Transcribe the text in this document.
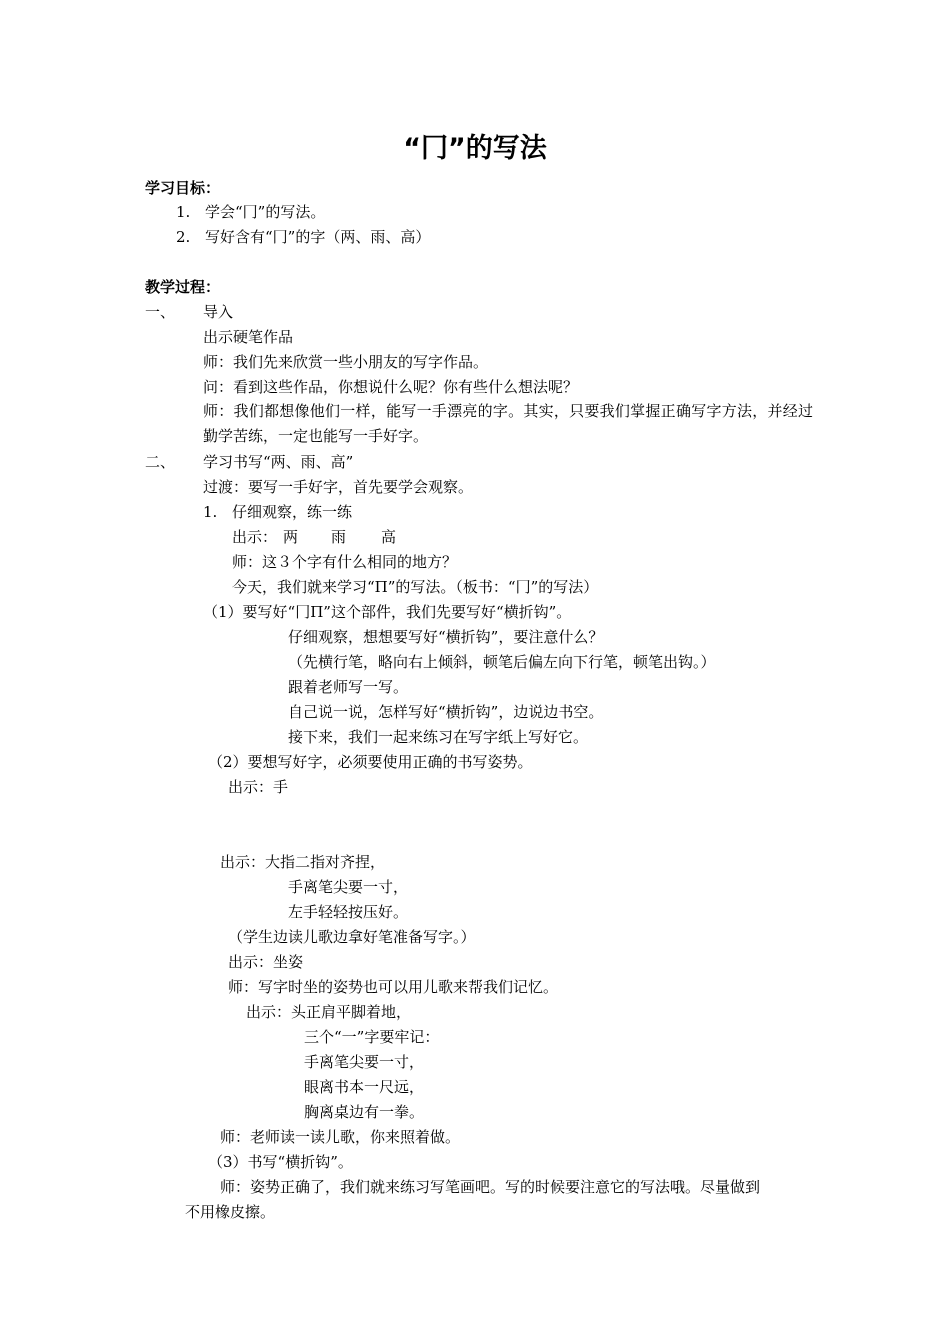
“冂”的写法
学习目标：
1. 学会“冂”的写法。
2. 写好含有“冂”的字（两、雨、高）
教学过程：
一、 导入
出示硬笔作品
师：我们先来欣赏一些小朋友的写字作品。
问：看到这些作品，你想说什么呢？你有些什么想法呢？
师：我们都想像他们一样，能写一手漂亮的字。其实，只要我们掌握正确写字方法，并经过勤学苦练，一定也能写一手好字。
二、 学习书写“两、雨、高”
过渡：要写一手好字，首先要学会观察。
1. 仔细观察，练一练
出示： 两 雨 高
师：这３个字有什么相同的地方？
今天，我们就来学习“П”的写法。（板书：“冂”的写法）
（1）要写好“冂П”这个部件，我们先要写好“横折钩”。
仔细观察，想想要写好“横折钩”，要注意什么？
（先横行笔，略向右上倾斜，顿笔后偏左向下行笔，顿笔出钩。）
跟着老师写一写。
自己说一说，怎样写好“横折钩”，边说边书空。
接下来，我们一起来练习在写字纸上写好它。
（2）要想写好字，必须要使用正确的书写姿势。
出示：手
出示：大指二指对齐捏，
手离笔尖要一寸，
左手轻轻按压好。
（学生边读儿歌边拿好笔准备写字。）
出示：坐姿
师：写字时坐的姿势也可以用儿歌来帮我们记忆。
出示：头正肩平脚着地，
三个“一”字要牢记：
手离笔尖要一寸，
眼离书本一尺远，
胸离桌边有一拳。
师：老师读一读儿歌，你来照着做。
（3）书写“横折钩”。
师：姿势正确了，我们就来练习写笔画吧。写的时候要注意它的写法哦。尽量做到
不用橡皮擦。
